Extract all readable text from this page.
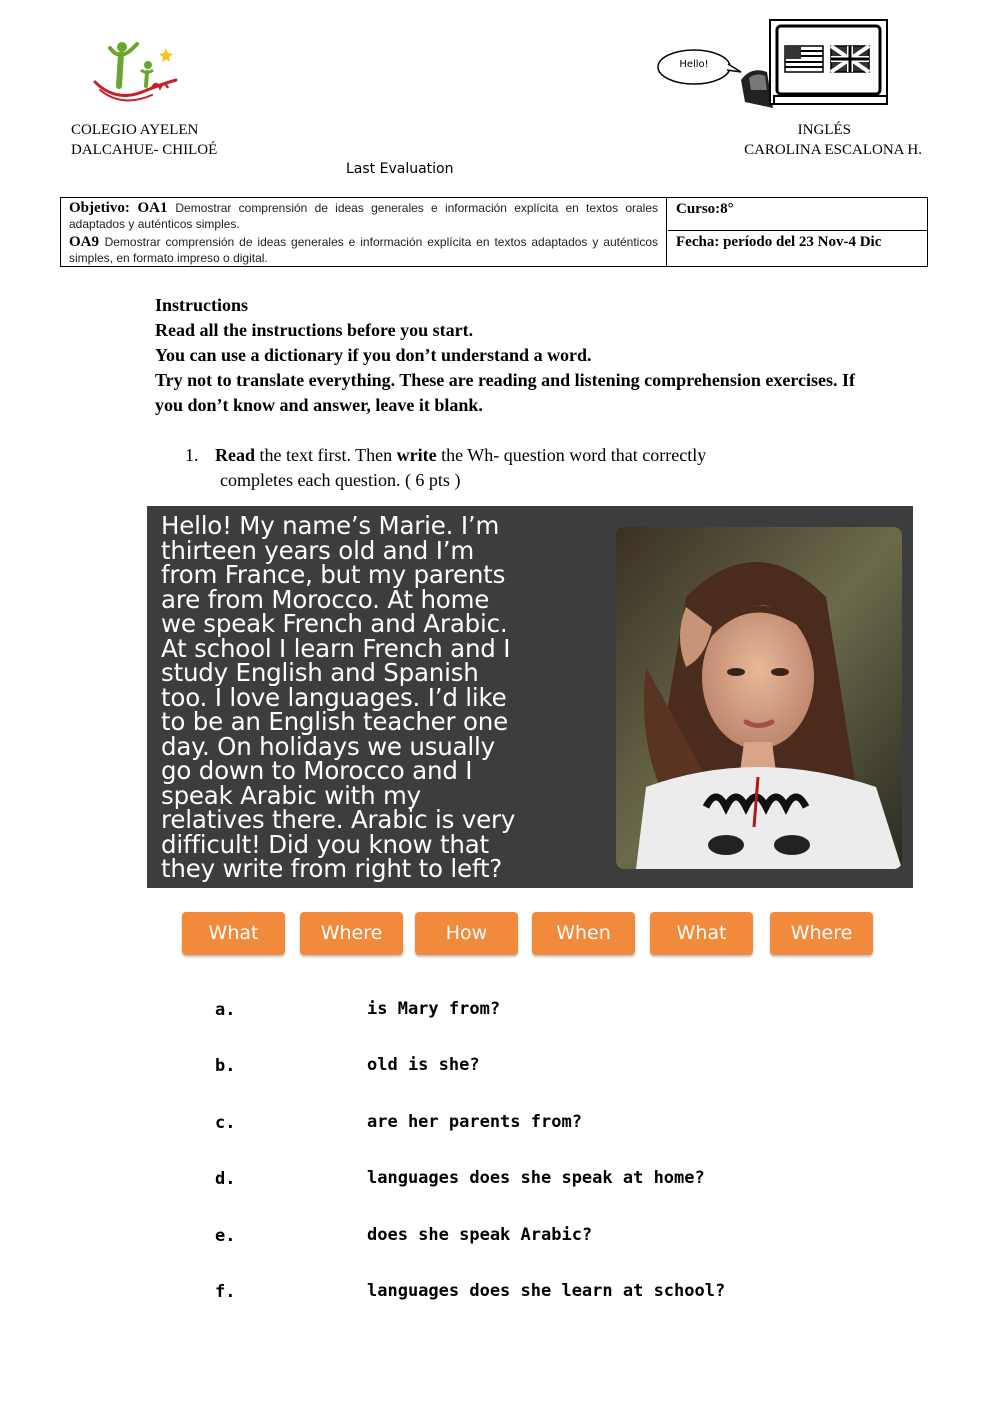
Hello!
COLEGIO AYELEN
DALCAHUE- CHILOÉ
INGLÉS
CAROLINA ESCALONA H.
Last Evaluation
Objetivo: OA1 Demostrar comprensión de ideas generales e información explícita en textos orales adaptados y auténticos simples.
OA9 Demostrar comprensión de ideas generales e información explícita en textos adaptados y auténticos simples, en formato impreso o digital.
Curso:8°
Fecha: período del 23 Nov-4 Dic
Instructions
Read all the instructions before you start.
You can use a dictionary if you don’t understand a word.
Try not to translate everything. These are reading and listening comprehension exercises. If you don’t know and answer, leave it blank.
1. Read the text first. Then write the Wh- question word that correctly
completes each question. ( 6 pts )
Hello! My name’s Marie. I’m
thirteen years old and I’m
from France, but my parents
are from Morocco. At home
we speak French and Arabic.
At school I learn French and I
study English and Spanish
too. I love languages. I’d like
to be an English teacher one
day. On holidays we usually
go down to Morocco and I
speak Arabic with my
relatives there. Arabic is very
difficult! Did you know that
they write from right to left?
What	Where	How	When	What	Where
a.	is Mary from?
b.	old is she?
c.	are her parents from?
d.	languages does she speak at home?
e.	does she speak Arabic?
f.	languages does she learn at school?
